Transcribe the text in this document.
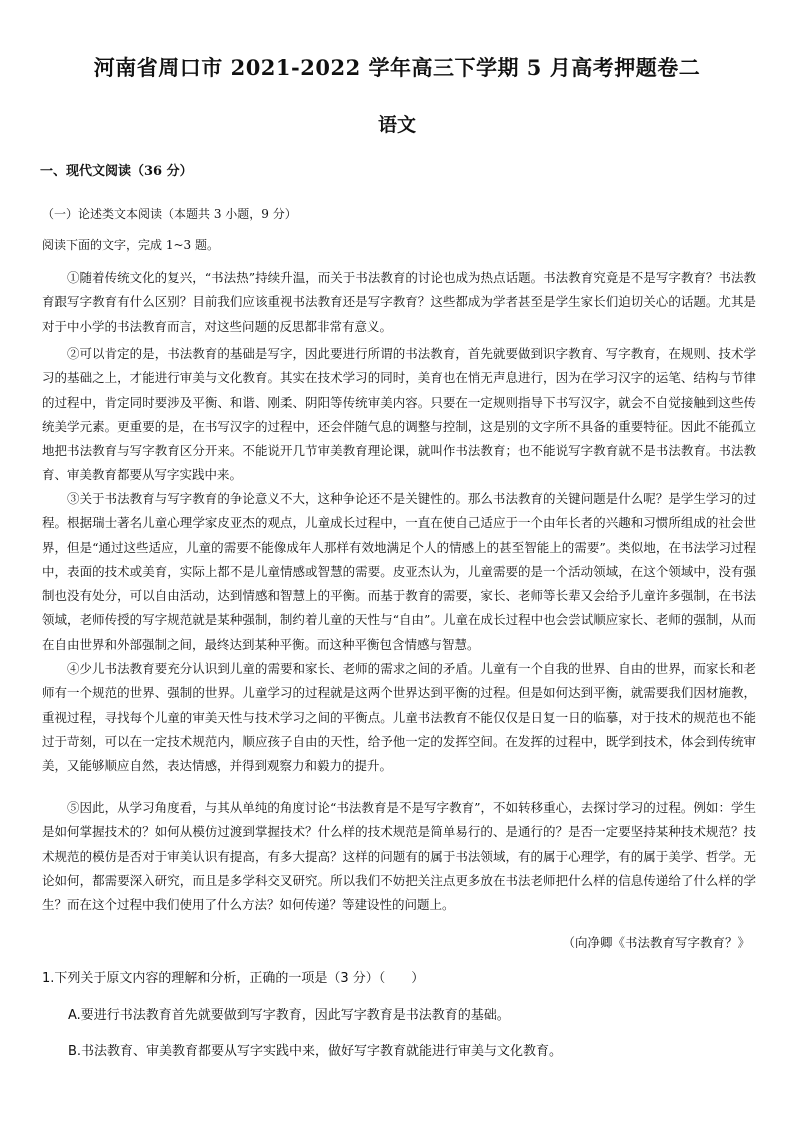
河南省周口市 2021-2022 学年高三下学期 5 月高考押题卷二
语文
一、现代文阅读（36 分）
（一）论述类文本阅读（本题共 3 小题，9 分）
阅读下面的文字，完成 1~3 题。

①随着传统文化的复兴，“书法热”持续升温，而关于书法教育的讨论也成为热点话题。书法教育究竟是不是写字教育？书法教育跟写字教育有什么区别？目前我们应该重视书法教育还是写字教育？这些都成为学者甚至是学生家长们迫切关心的话题。尤其是对于中小学的书法教育而言，对这些问题的反思都非常有意义。

②可以肯定的是，书法教育的基础是写字，因此要进行所谓的书法教育，首先就要做到识字教育、写字教育，在规则、技术学习的基础之上，才能进行审美与文化教育。其实在技术学习的同时，美育也在悄无声息进行，因为在学习汉字的运笔、结构与节律的过程中，肯定同时要涉及平衡、和谐、刚柔、阴阳等传统审美内容。只要在一定规则指导下书写汉字，就会不自觉接触到这些传统美学元素。更重要的是，在书写汉字的过程中，还会伴随气息的调整与控制，这是别的文字所不具备的重要特征。因此不能孤立地把书法教育与写字教育区分开来。不能说开几节审美教育理论课，就叫作书法教育；也不能说写字教育就不是书法教育。书法教育、审美教育都要从写字实践中来。

③关于书法教育与写字教育的争论意义不大，这种争论还不是关键性的。那么书法教育的关键问题是什么呢？是学生学习的过程。根据瑞士著名儿童心理学家皮亚杰的观点，儿童成长过程中，一直在使自己适应于一个由年长者的兴趣和习惯所组成的社会世界，但是“通过这些适应，儿童的需要不能像成年人那样有效地满足个人的情感上的甚至智能上的需要”。类似地，在书法学习过程中，表面的技术或美育，实际上都不是儿童情感或智慧的需要。皮亚杰认为，儿童需要的是一个活动领域，在这个领域中，没有强制也没有处分，可以自由活动，达到情感和智慧上的平衡。而基于教育的需要，家长、老师等长辈又会给予儿童许多强制，在书法领域，老师传授的写字规范就是某种强制，制约着儿童的天性与“自由”。儿童在成长过程中也会尝试顺应家长、老师的强制，从而在自由世界和外部强制之间，最终达到某种平衡。而这种平衡包含情感与智慧。

④少儿书法教育要充分认识到儿童的需要和家长、老师的需求之间的矛盾。儿童有一个自我的世界、自由的世界，而家长和老师有一个规范的世界、强制的世界。儿童学习的过程就是这两个世界达到平衡的过程。但是如何达到平衡，就需要我们因材施教，重视过程，寻找每个儿童的审美天性与技术学习之间的平衡点。儿童书法教育不能仅仅是日复一日的临摹，对于技术的规范也不能过于苛刻，可以在一定技术规范内，顺应孩子自由的天性，给予他一定的发挥空间。在发挥的过程中，既学到技术，体会到传统审美，又能够顺应自然，表达情感，并得到观察力和毅力的提升。

⑤因此，从学习角度看，与其从单纯的角度讨论“书法教育是不是写字教育”，不如转移重心，去探讨学习的过程。例如：学生是如何掌握技术的？如何从模仿过渡到掌握技术？什么样的技术规范是简单易行的、是通行的？是否一定要坚持某种技术规范？技术规范的模仿是否对于审美认识有提高，有多大提高？这样的问题有的属于书法领域，有的属于心理学，有的属于美学、哲学。无论如何，都需要深入研究，而且是多学科交叉研究。所以我们不妨把关注点更多放在书法老师把什么样的信息传递给了什么样的学生？而在这个过程中我们使用了什么方法？如何传递？等建设性的问题上。

（向净卿《书法教育写字教育？》
1.下列关于原文内容的理解和分析，正确的一项是（3 分）（　　）
A.要进行书法教育首先就要做到写字教育，因此写字教育是书法教育的基础。
B.书法教育、审美教育都要从写字实践中来，做好写字教育就能进行审美与文化教育。
